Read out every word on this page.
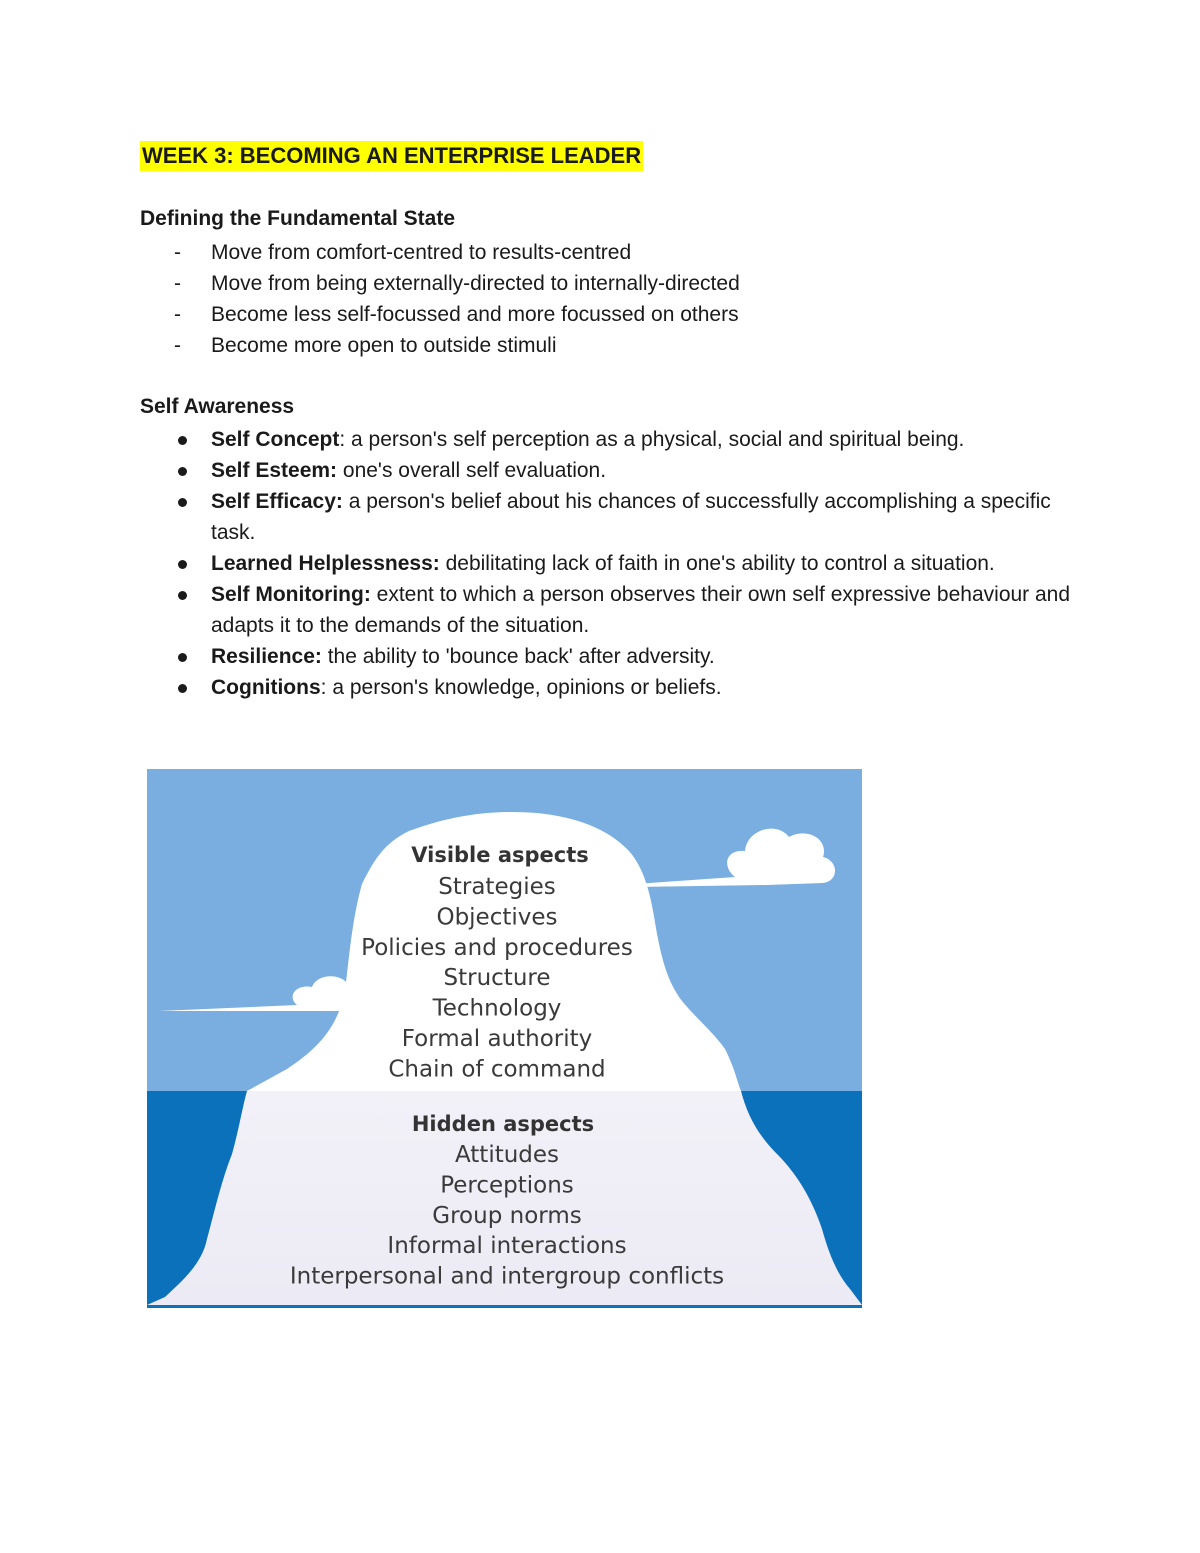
WEEK 3: BECOMING AN ENTERPRISE LEADER
Defining the Fundamental State
- Move from comfort-centred to results-centred
- Move from being externally-directed to internally-directed
- Become less self-focussed and more focussed on others
- Become more open to outside stimuli
Self Awareness
Self Concept: a person's self perception as a physical, social and spiritual being.
Self Esteem: one's overall self evaluation.
Self Efficacy: a person's belief about his chances of successfully accomplishing a specific task.
Learned Helplessness: debilitating lack of faith in one's ability to control a situation.
Self Monitoring: extent to which a person observes their own self expressive behaviour and adapts it to the demands of the situation.
Resilience: the ability to 'bounce back' after adversity.
Cognitions: a person's knowledge, opinions or beliefs.
Visible aspects
Strategies
Objectives
Policies and procedures
Structure
Technology
Formal authority
Chain of command
Hidden aspects
Attitudes
Perceptions
Group norms
Informal interactions
Interpersonal and intergroup conflicts
